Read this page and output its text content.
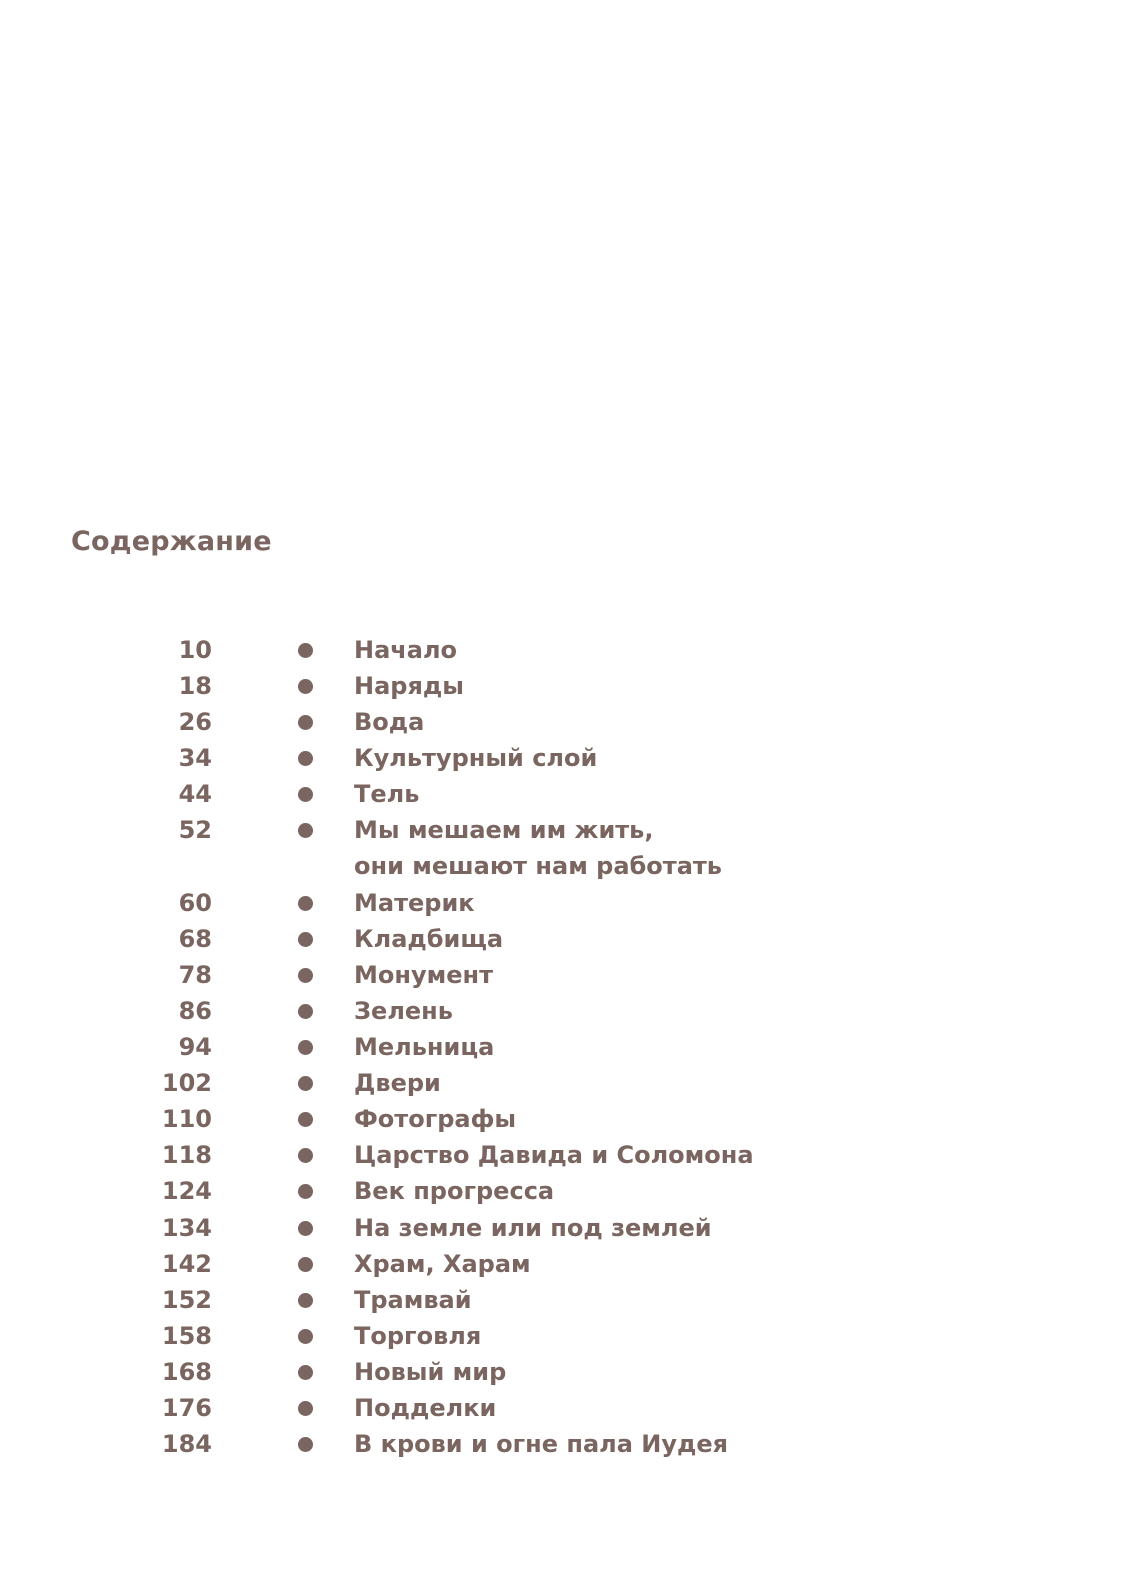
Содержание
10	Начало
18	Наряды
26	Вода
34	Культурный слой
44	Тель
52	Мы мешаем им жить,
они мешают нам работать
60	Материк
68	Кладбища
78	Монумент
86	Зелень
94	Мельница
102	Двери
110	Фотографы
118	Царство Давида и Соломона
124	Век прогресса
134	На земле или под землей
142	Храм, Харам
152	Трамвай
158	Торговля
168	Новый мир
176	Подделки
184	В крови и огне пала Иудея
